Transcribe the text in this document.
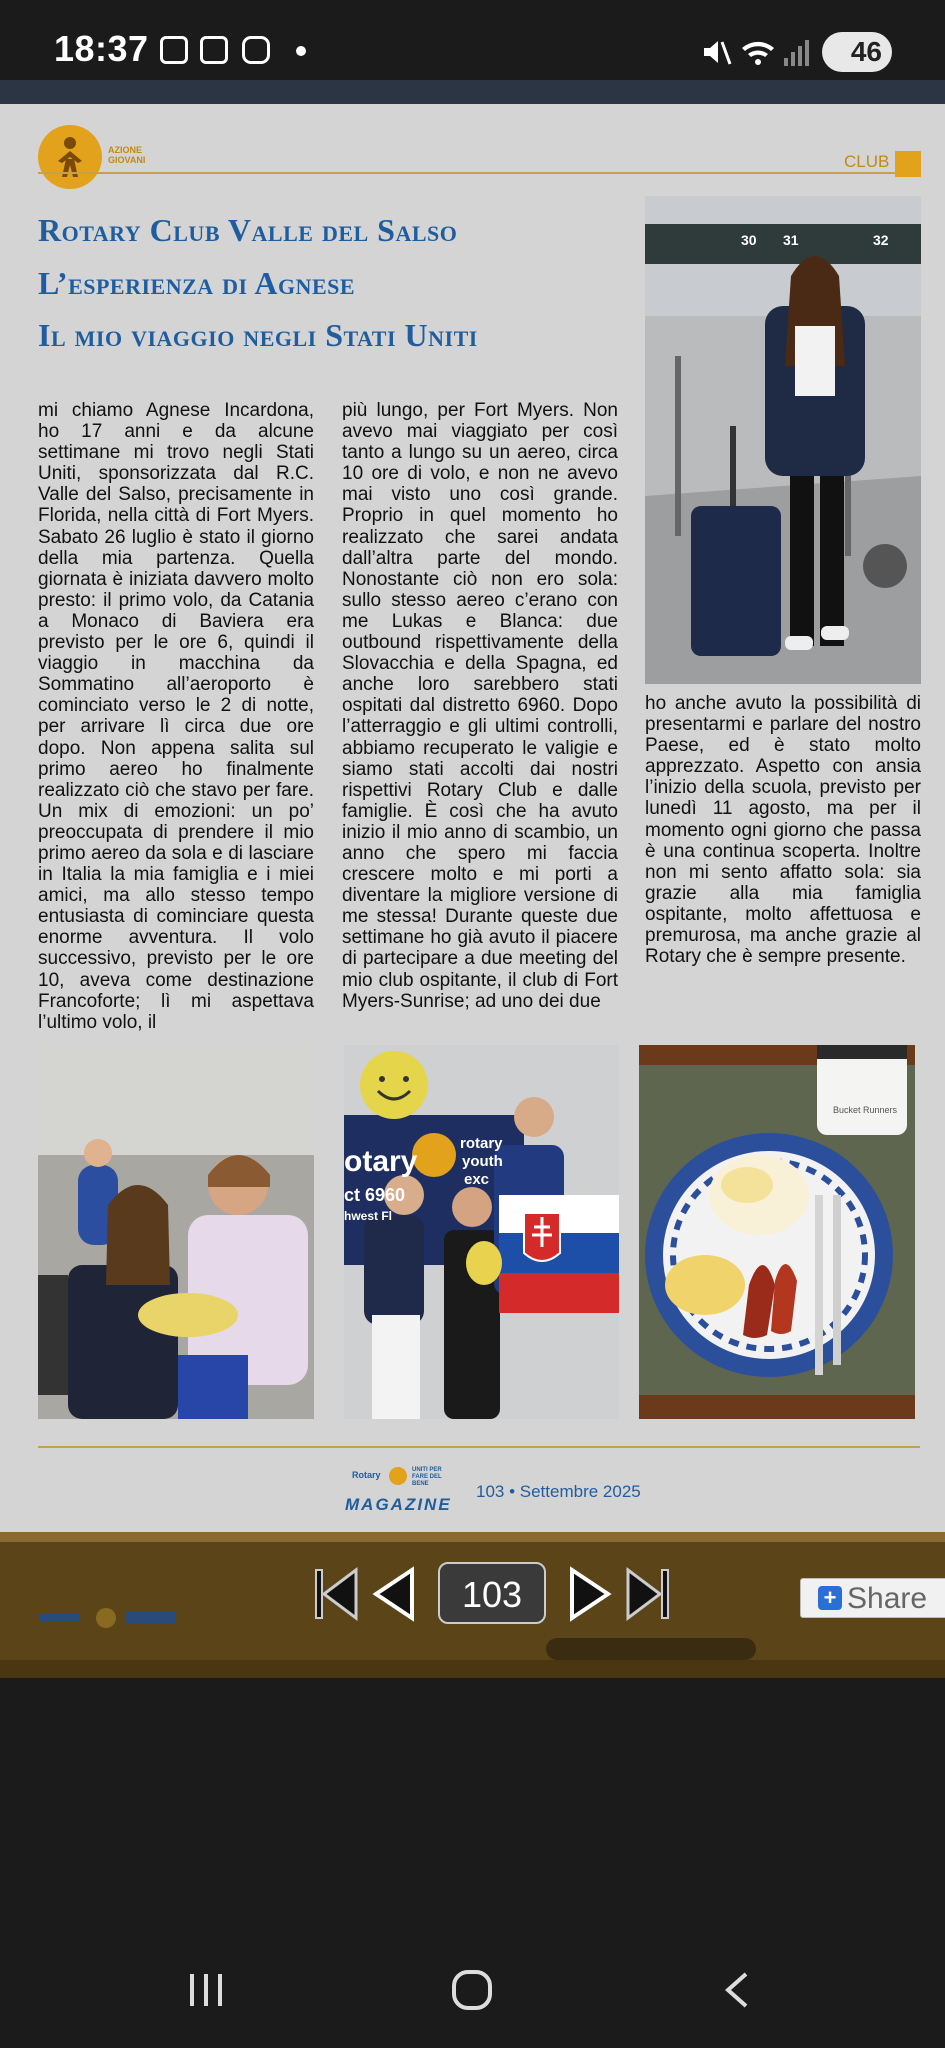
18:37	46
AZIONE GIOVANI	CLUB
Rotary Club Valle del Salso
L’esperienza di Agnese
Il mio viaggio negli Stati Uniti
mi chiamo Agnese Incardona, ho 17 anni e da alcune settimane mi trovo negli Stati Uniti, sponsorizzata dal R.C. Valle del Salso, precisamente in Florida, nella città di Fort Myers. Sabato 26 luglio è stato il giorno della mia partenza. Quella giornata è iniziata davvero molto presto: il primo volo, da Catania a Monaco di Baviera era previsto per le ore 6, quindi il viaggio in macchina da Sommatino all’aeroporto è cominciato verso le 2 di notte, per arrivare lì circa due ore dopo. Non appena salita sul primo aereo ho finalmente realizzato ciò che stavo per fare. Un mix di emozioni: un po’ preoccupata di prendere il mio primo aereo da sola e di lasciare in Italia la mia famiglia e i miei amici, ma allo stesso tempo entusiasta di cominciare questa enorme avventura. Il volo successivo, previsto per le ore 10, aveva come destinazione Francoforte; lì mi aspettava l’ultimo volo, il
più lungo, per Fort Myers. Non avevo mai viaggiato per così tanto a lungo su un aereo, circa 10 ore di volo, e non ne avevo mai visto uno così grande. Proprio in quel momento ho realizzato che sarei andata dall’altra parte del mondo. Nonostante ciò non ero sola: sullo stesso aereo c’erano con me Lukas e Blanca: due outbound rispettivamente della Slovacchia e della Spagna, ed anche loro sarebbero stati ospitati dal distretto 6960. Dopo l’atterraggio e gli ultimi controlli, abbiamo recuperato le valigie e siamo stati accolti dai nostri rispettivi Rotary Club e dalle famiglie. È così che ha avuto inizio il mio anno di scambio, un anno che spero mi faccia crescere molto e mi porti a diventare la migliore versione di me stessa! Durante queste due settimane ho già avuto il piacere di partecipare a due meeting del mio club ospitante, il club di Fort Myers-Sunrise; ad uno dei due
ho anche avuto la possibilità di presentarmi e parlare del nostro Paese, ed è stato molto apprezzato. Aspetto con ansia l’inizio della scuola, previsto per lunedì 11 agosto, ma per il momento ogni giorno che passa è una continua scoperta. Inoltre non mi sento affatto sola: sia grazie alla mia famiglia ospitante, molto affettuosa e premurosa, ma anche grazie al Rotary che è sempre presente.
30 31	32
otary
ct 6960
hwest Fl
rotary
youth
exc
Bucket Runners
Rotary	UNITI PER FARE DEL BENE
MAGAZINE
103 • Settembre 2025
103	Share
+
